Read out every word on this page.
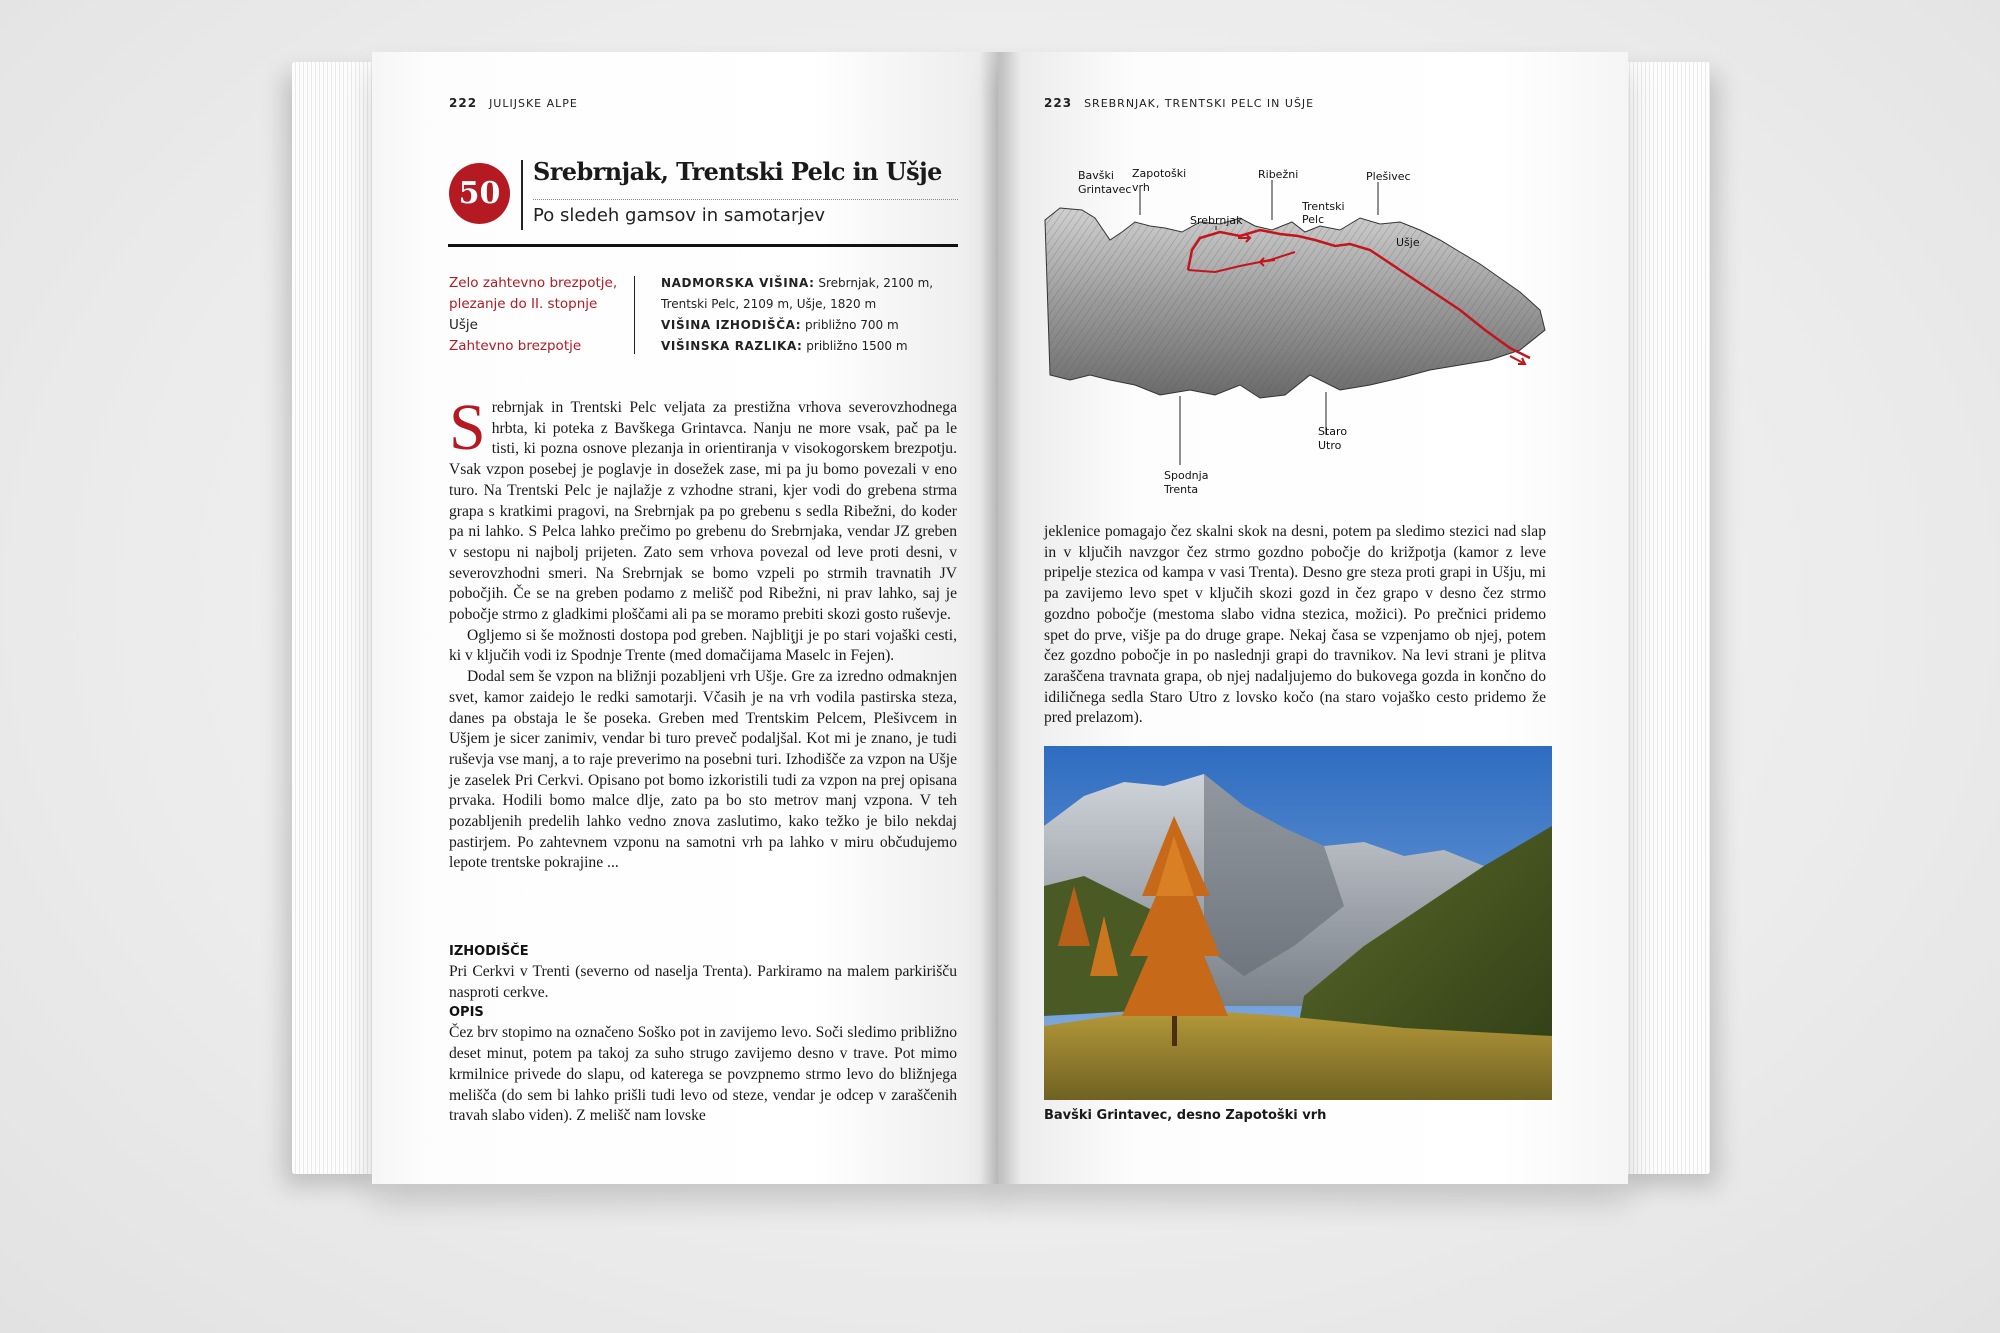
222 JULIJSKE ALPE
50
Srebrnjak, Trentski Pelc in Ušje
Po sledeh gamsov in samotarjev
Zelo zahtevno brezpotje,
plezanje do II. stopnje
Ušje
Zahtevno brezpotje
NADMORSKA VIŠINA: Srebrnjak, 2100 m,
Trentski Pelc, 2109 m, Ušje, 1820 m
VIŠINA IZHODIŠČA: približno 700 m
VIŠINSKA RAZLIKA: približno 1500 m

Srebrnjak in Trentski Pelc veljata za prestižna vrhova severovzhodnega hrbta, ki poteka z Bavškega Grintavca. Nanju ne more vsak, pač pa le tisti, ki pozna osnove plezanja in orientiranja v visokogorskem brezpotju. Vsak vzpon posebej je poglavje in dosežek zase, mi pa ju bomo povezali v eno turo. Na Trentski Pelc je najlažje z vzhodne strani, kjer vodi do grebena strma grapa s kratkimi pragovi, na Srebrnjak pa po grebenu s sedla Ribežni, do koder pa ni lahko. S Pelca lahko prečimo po grebenu do Srebrnjaka, vendar JZ greben v sestopu ni najbolj prijeten. Zato sem vrhova povezal od leve proti desni, v severovzhodni smeri. Na Srebrnjak se bomo vzpeli po strmih travnatih JV pobočjih. Če se na greben podamo z melišč pod Ribežni, ni prav lahko, saj je pobočje strmo z gladkimi ploščami ali pa se moramo prebiti skozi gosto ruševje.

Ogljemo si še možnosti dostopa pod greben. Najbliţji je po stari vojaški cesti, ki v ključih vodi iz Spodnje Trente (med domačijama Maselc in Fejen).

Dodal sem še vzpon na bližnji pozabljeni vrh Ušje. Gre za izredno odmaknjen svet, kamor zaidejo le redki samotarji. Včasih je na vrh vodila pastirska steza, danes pa obstaja le še poseka. Greben med Trentskim Pelcem, Plešivcem in Ušjem je sicer zanimiv, vendar bi turo preveč podaljšal. Kot mi je znano, je tudi ruševja vse manj, a to raje preverimo na posebni turi. Izhodišče za vzpon na Ušje je zaselek Pri Cerkvi. Opisano pot bomo izkoristili tudi za vzpon na prej opisana prvaka. Hodili bomo malce dlje, zato pa bo sto metrov manj vzpona. V teh pozabljenih predelih lahko vedno znova zaslutimo, kako težko je bilo nekdaj pastirjem. Po zahtevnem vzponu na samotni vrh pa lahko v miru občudujemo lepote trentske pokrajine ...

IZHODIŠČE

Pri Cerkvi v Trenti (severno od naselja Trenta). Parkiramo na malem parkirišču nasproti cerkve.

OPIS

Čez brv stopimo na označeno Soško pot in zavijemo levo. Soči sledimo približno deset minut, potem pa takoj za suho strugo zavijemo desno v trave. Pot mimo krmilnice privede do slapu, od katerega se povzpnemo strmo levo do bližnjega melišča (do sem bi lahko prišli tudi levo od steze, vendar je odcep v zaraščenih travah slabo viden). Z melišč nam lovske

223 SREBRNJAK, TRENTSKI PELC IN UŠJE
Bavški
Grintavec
Zapotoški
vrh
Srebrnjak
Ribežni
Trentski
Pelc
Plešivec
Ušje
Staro
Utro
Spodnja
Trenta

jeklenice pomagajo čez skalni skok na desni, potem pa sledimo stezici nad slap in v ključih navzgor čez strmo gozdno pobočje do križpotja (kamor z leve pripelje stezica od kampa v vasi Trenta). Desno gre steza proti grapi in Ušju, mi pa zavijemo levo spet v ključih skozi gozd in čez grapo v desno čez strmo gozdno pobočje (mestoma slabo vidna stezica, možici). Po prečnici pridemo spet do prve, višje pa do druge grape. Nekaj časa se vzpenjamo ob njej, potem čez gozdno pobočje in po naslednji grapi do travnikov. Na levi strani je plitva zaraščena travnata grapa, ob njej nadaljujemo do bukovega gozda in končno do idiličnega sedla Staro Utro z lovsko kočo (na staro vojaško cesto pridemo že pred prelazom).

Bavški Grintavec, desno Zapotoški vrh
